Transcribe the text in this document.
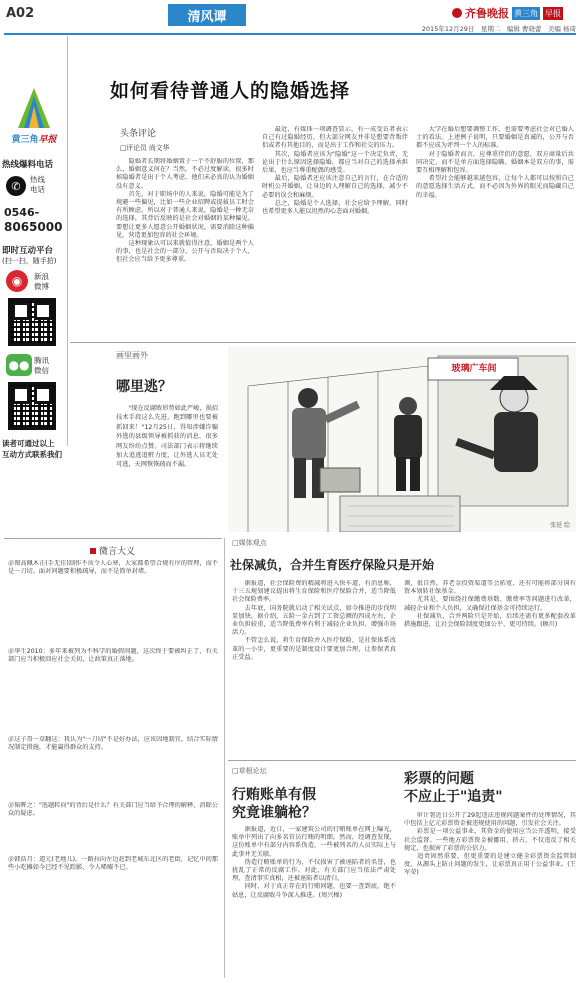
A02	清风谭	齐鲁晚报 黄三角 早报
2015年12月29日　星期二　编辑 曹晓蕾　美编 杨琦
黄三角早报
热线爆料电话
✆	热线
电话
0546-
8065000
即时互动平台
(扫一扫，随手拍)
◉	新浪
微博
●● 腾讯
微信
读者可通过以上
互动方式联系我们
如何看待普通人的隐婚选择
头条评论
□评论员 尚文华
　　隐婚者长期将婚姻置于一个不舒服的位置，那么，婚姻意义何在？当然，不必过度解读，很多时候隐婚者是出于个人考虑，他们未必真的认为婚姻没有意义。
　　首先，对于职场中的人来说，隐婚可能是为了规避一些偏见，比如一些企业招聘或提拔员工时会有所顾虑。所以对于普通人来说，隐婚是一种无奈的选择，其背后反映的是社会对婚姻的某种偏见。要想让更多人愿意公开婚姻状况，需要消除这种偏见，营造更加包容的社会环境。
　　这种现象认可以来就值得注意，婚姻是两个人的事，也是社会的一部分，公开与否取决于个人，但社会应当给予更多尊重。
　　最近，有媒体一项调查显示，有一成受访者表示自己有过隐婚经历，但大部分网友并非是想要背叛伴侣或者有其他目的，而是出于工作和社交的压力。
　　其次，隐婚者应该为"隐婚"这一个决定负责，无论出于什么原因选择隐婚，都应当对自己的选择承担后果，也应当尊重配偶的感受。
　　最后，隐婚者还应该注意自己的言行，在合适的时机公开婚姻，让身边的人理解自己的选择，减少不必要的误会和麻烦。
　　总之，隐婚是个人选择，社会应给予理解，同时也希望更多人能以坦然的心态面对婚姻。
　　大学在婚后想要调整工作，也需要考虑社会对已婚人士的看法。上述例子说明，只要婚姻是真诚的，公开与否都不应成为评判一个人的标准。
　　对于隐婚者而言，应尊重伴侣的意愿，双方商量后共同决定，而不是单方面选择隐瞒。婚姻本是双方的事，需要互相理解和包容。
　　希望社会能够越来越包容，让每个人都可以按照自己的意愿选择生活方式，而不必因为外界的眼光而隐藏自己的幸福。
画里画外
哪里逃？
　　"现在反腐败形势如此严峻，损招技术手段这么先进，跑到哪里也要被抓回来！"12月25日，得知涉嫌诈骗外逃的县级领导被抓获的消息，很多网友纷纷点赞。司法部门表示将继续加大追逃追赃力度，让外逃人员无处可逃，天网恢恢疏而不漏。
玻璃广车间
张延 绘
微言大义
＠图高佩木正(手无佳)制作不该令人心寒，大家都希望合规有序的管理，而不是一刀切。面对问题要积极疏导，而不是简单封堵。
＠华生2010：多年来被列为不科学的婚假问题，这次终于要被纠正了，有关部门应当积极回应社会关切，让政策真正落地。
＠这子哥一草翻这：我认为"一刀切"不是好办法，应该因地制宜，结合实际情况制定措施，才能赢得群众的支持。
＠韬晖之："选题转向"的背后是什么？有关部门应当给予合理的解释，消除公众的疑虑。
＠韩浩月：道元(老地儿)。一路拉向左边赶到老城东北区的老街，记忆中的那些小吃摊如今已经不见踪影，令人唏嘘不已。
□媒体观点
社保减负，合并生育医疗保险只是开始
　　据报道，社会保险费的精减将进入快车道，有消息称，十三五规划建议提出将生育保险和医疗保险合并，适当降低社会保险费率。
　　去年底，国务院就启动了相关试点，如今推进的步伐明显加快。据介绍，五险一金占到了工资总额的四成左右，企业负担较重，适当降低费率有利于减轻企业负担、增强市场活力。
　　不管怎么说，将生育保险并入医疗保险，是社保体系改革的一小步，更重要的是制度设计要更加合理，让参保者真正受益。
调，很自然，养老金投资渠道等会拓宽，还有可能将部分国有资本划转社保基金。
　　尤其是，要围绕社保缴费基数、缴费率等问题进行改革，减轻企业和个人负担，又确保社保基金可持续运行。
　　社保减负，合并两险只是开始，后续还需有更多配套改革措施跟进，让社会保险制度更加公平、更可持续。(顾川)
□草根论坛
行贿账单有假
究竟谁躺枪？
　　据报道，近日，一家建筑公司的行贿账单在网上曝光，账单中列出了向多名官员行贿的明细。然而，经调查发现，这份账单中有部分内容系伪造，一些被列名的人员实际上与此事并无关联。
　　伪造行贿账单的行为，不仅损害了被诬陷者的名誉，也扰乱了正常的反腐工作。对此，有关部门应当依法严肃处理，查清事实真相，还被诬陷者以清白。
　　同时，对于真正存在的行贿问题，也要一查到底，绝不姑息，让反腐败斗争深入推进。(周兴榛)
彩票的问题
不应止于"追责"
　　审计署近日公开了29起违法违规问题案件的处理情况，其中包括上亿元彩票资金被违规使用的问题，引发社会关注。
　　彩票是一项公益事业，其资金的使用应当公开透明，接受社会监督。一些地方彩票资金被挪用、挤占，不仅违反了相关规定，也损害了彩票的公信力。
　　追责固然重要，但更重要的是建立健全彩票资金监管制度，从源头上防止问题的发生，让彩票真正用于公益事业。(王军荣)
